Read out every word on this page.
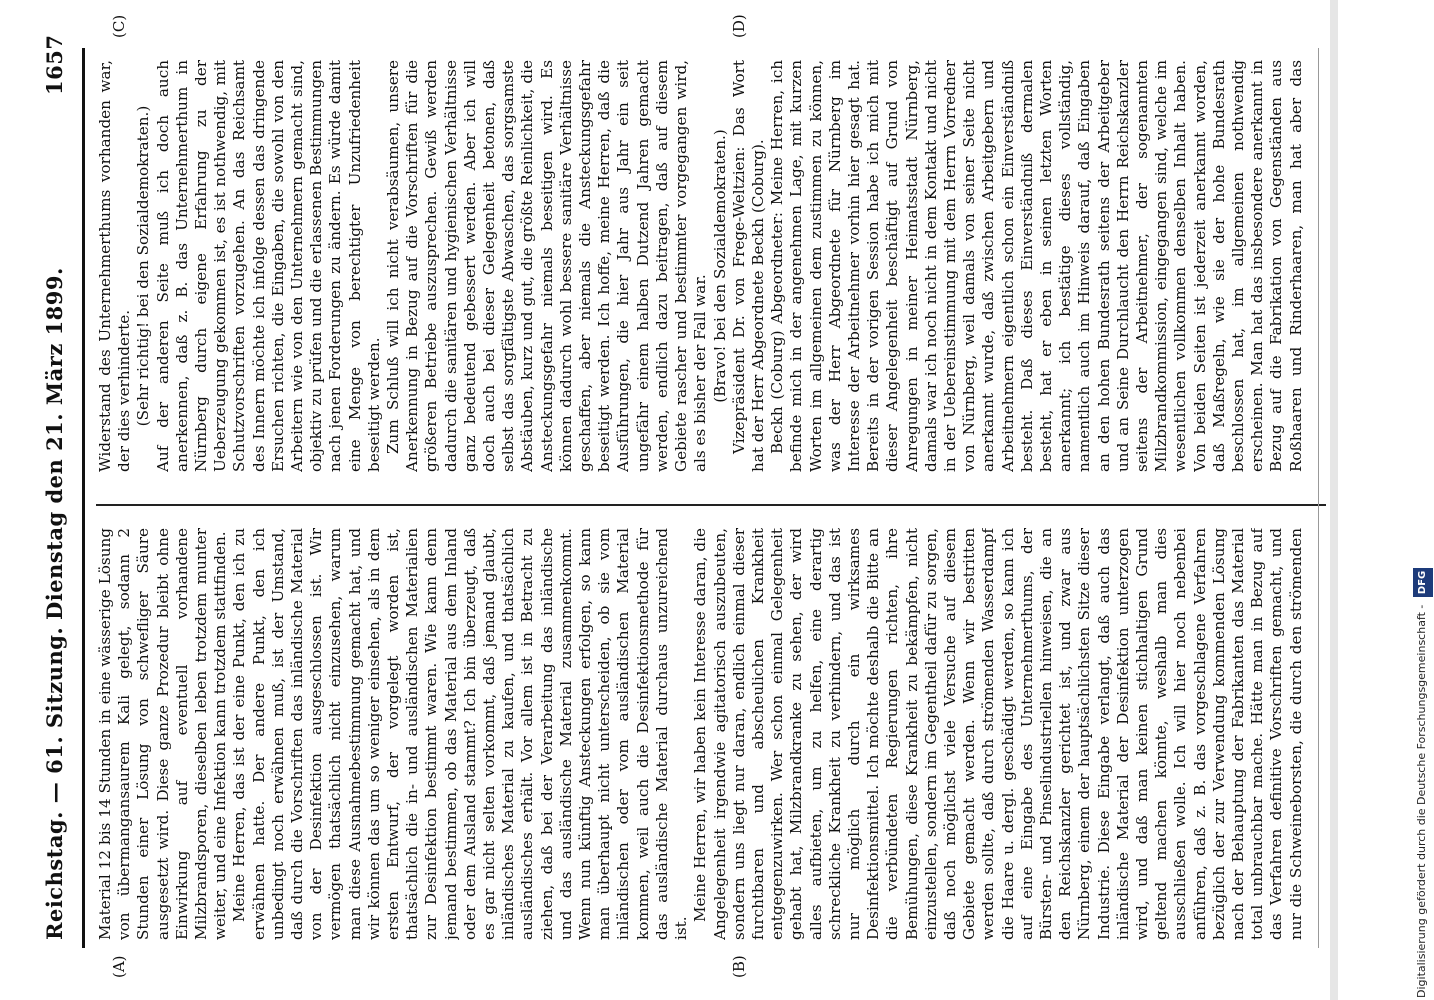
Reichstag. — 61. Sitzung.
Dienstag den 21. März 1899.
1657
(A)	(B)
(C)	(D)

Material 12 bis 14 Stunden in eine wässerige Lösung von übermangansaurem Kali gelegt, sodann 2 Stunden einer Lösung von schwefliger Säure ausgesetzt wird. Diese ganze Prozedur bleibt ohne Einwirkung auf eventuell vorhandene Milzbrandsporen, dieselben leben trotzdem munter weiter, und eine Infektion kann trotzdem stattfinden. Meine Herren, das ist der eine Punkt, den ich zu erwähnen hatte. Der andere Punkt, den ich unbedingt noch erwähnen muß, ist der Umstand, daß durch die Vorschriften das inländische Material von der Desinfektion ausgeschlossen ist. Wir vermögen thatsächlich nicht einzusehen, warum man diese Ausnahmebestimmung gemacht hat, und wir können das um so weniger einsehen, als in dem ersten Entwurf, der vorgelegt worden ist, thatsächlich die in- und ausländischen Materialien zur Desinfektion bestimmt waren. Wie kann denn jemand bestimmen, ob das Material aus dem Inland oder dem Ausland stammt? Ich bin überzeugt, daß es gar nicht selten vorkommt, daß jemand glaubt, inländisches Material zu kaufen, und thatsächlich ausländisches erhält. Vor allem ist in Betracht zu ziehen, daß bei der Verarbeitung das inländische und das ausländische Material zusammenkommt. Wenn nun künftig Ansteckungen erfolgen, so kann man überhaupt nicht unterscheiden, ob sie vom inländischen oder vom ausländischen Material kommen, weil auch die Desinfektionsmethode für das ausländische Material durchaus unzureichend ist.

Meine Herren, wir haben kein Interesse daran, die Angelegenheit irgendwie agitatorisch auszubeuten, sondern uns liegt nur daran, endlich einmal dieser furchtbaren und abscheulichen Krankheit entgegenzuwirken. Wer schon einmal Gelegenheit gehabt hat, Milzbrandkranke zu sehen, der wird alles aufbieten, um zu helfen, eine derartig schreckliche Krankheit zu verhindern, und das ist nur möglich durch ein wirksames Desinfektionsmittel. Ich möchte deshalb die Bitte an die verbündeten Regierungen richten, ihre Bemühungen, diese Krankheit zu bekämpfen, nicht einzustellen, sondern im Gegentheil dafür zu sorgen, daß noch möglichst viele Versuche auf diesem Gebiete gemacht werden. Wenn wir bestritten werden sollte, daß durch strömenden Wasserdampf die Haare u. dergl. geschädigt werden, so kann ich auf eine Eingabe des Unternehmerthums, der Bürsten- und Pinselindustriellen hinweisen, die an den Reichskanzler gerichtet ist, und zwar aus Nürnberg, einem der hauptsächlichsten Sitze dieser Industrie. Diese Eingabe verlangt, daß auch das inländische Material der Desinfektion unterzogen wird, und daß man keinen stichhaltigen Grund geltend machen könnte, weshalb man dies ausschließen wolle. Ich will hier noch nebenbei anführen, daß z. B. das vorgeschlagene Verfahren bezüglich der zur Verwendung kommenden Lösung nach der Behauptung der Fabrikanten das Material total unbrauchbar mache. Hätte man in Bezug auf das Verfahren definitive Vorschriften gemacht, und nur die Schweineborsten, die durch den strömenden

Widerstand des Unternehmerthums vorhanden war, der dies verhinderte. (Sehr richtig! bei den Sozialdemokraten.) Auf der anderen Seite muß ich doch auch anerkennen, daß z. B. das Unternehmerthum in Nürnberg durch eigene Erfahrung zu der Ueberzeugung gekommen ist, es ist nothwendig, mit Schutzvorschriften vorzugehen. An das Reichsamt des Innern möchte ich infolge dessen das dringende Ersuchen richten, die Eingaben, die sowohl von den Arbeitern wie von den Unternehmern gemacht sind, objektiv zu prüfen und die erlassenen Bestimmungen nach jenen Forderungen zu ändern. Es würde damit eine Menge von berechtigter Unzufriedenheit beseitigt werden. Zum Schluß will ich nicht verabsäumen, unsere Anerkennung in Bezug auf die Vorschriften für die größeren Betriebe auszusprechen. Gewiß werden dadurch die sanitären und hygienischen Verhältnisse ganz bedeutend gebessert werden. Aber ich will doch auch bei dieser Gelegenheit betonen, daß selbst das sorgfältigste Abwaschen, das sorgsamste Abstäuben, kurz und gut, die größte Reinlichkeit, die Ansteckungsgefahr niemals beseitigen wird. Es können dadurch wohl bessere sanitäre Verhältnisse geschaffen, aber niemals die Ansteckungsgefahr beseitigt werden. Ich hoffe, meine Herren, daß die Ausführungen, die hier Jahr aus Jahr ein seit ungefähr einem halben Dutzend Jahren gemacht werden, endlich dazu beitragen, daß auf diesem Gebiete rascher und bestimmter vorgegangen wird, als es bisher der Fall war. (Bravo! bei den Sozialdemokraten.) Vizepräsident Dr. von Frege-Weltzien: Das Wort hat der Herr Abgeordnete Beckh (Coburg). Beckh (Coburg) Abgeordneter: Meine Herren, ich befinde mich in der angenehmen Lage, mit kurzen Worten im allgemeinen dem zustimmen zu können, was der Herr Abgeordnete für Nürnberg im Interesse der Arbeitnehmer vorhin hier gesagt hat. Bereits in der vorigen Session habe ich mich mit dieser Angelegenheit beschäftigt auf Grund von Anregungen in meiner Heimatsstadt Nürnberg, damals war ich noch nicht in dem Kontakt und nicht in der Uebereinstimmung mit dem Herrn Vorredner von Nürnberg, weil damals von seiner Seite nicht anerkannt wurde, daß zwischen Arbeitgebern und Arbeitnehmern eigentlich schon ein Einverständniß besteht. Daß dieses Einverständniß dermalen besteht, hat er eben in seinen letzten Worten anerkannt; ich bestätige dieses vollständig, namentlich auch im Hinweis darauf, daß Eingaben an den hohen Bundesrath seitens der Arbeitgeber und an Seine Durchlaucht den Herrn Reichskanzler seitens der Arbeitnehmer, der sogenannten Milzbrandkommission, eingegangen sind, welche im wesentlichen vollkommen denselben Inhalt haben. Von beiden Seiten ist jederzeit anerkannt worden, daß Maßregeln, wie sie der hohe Bundesrath beschlossen hat, im allgemeinen nothwendig erscheinen. Man hat das insbesondere anerkannt in Bezug auf die Fabrikation von Gegenständen aus Roßhaaren und Rinderhaaren, man hat aber das

Digitalisierung gefördert durch die Deutsche Forschungsgemeinschaft - DFG
